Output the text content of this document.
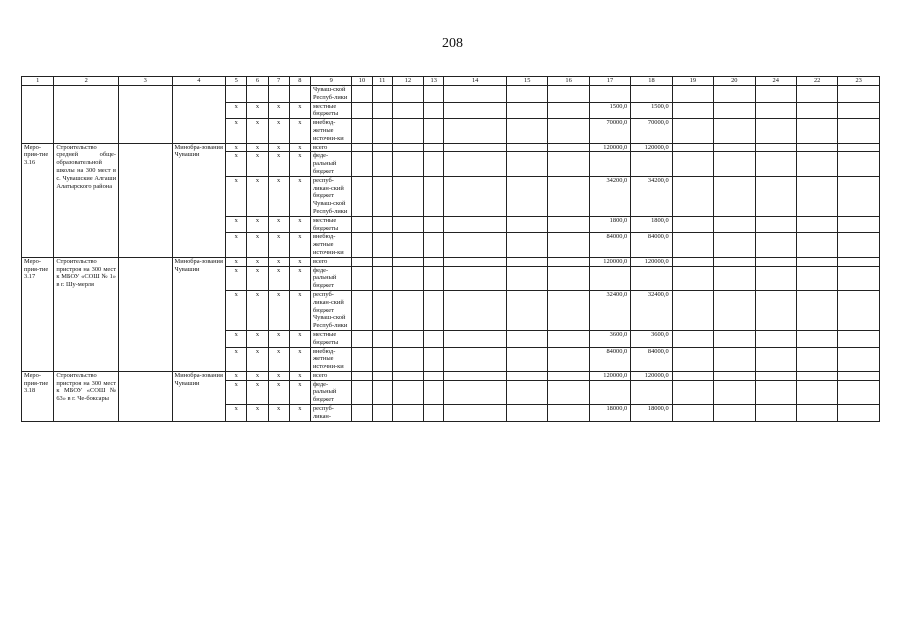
208
1	2	3	4	5	6	7	8	9	10	11	12	13	14	15	16	17	18	19	20	24	22	23
								Чуваш-ской Респуб-лики														
				x	x	x	x	местные бюджеты								1500,0	1500,0					
				x	x	x	x	внебюд-жетные источни-ки								70000,0	70000,0					
Меро-прия-тие 3.16	Строительство средней обще-образовательной школы на 300 мест в с. Чувашские Алгаши Алатырского района		Минобра-зования Чувашии	x	x	x	x	всего								120000,0	120000,0					
				x	x	x	x	феде-ральный бюджет														
				x	x	x	x	респуб-ликан-ский бюджет Чуваш-ской Респуб-лики								34200,0	34200,0					
				x	x	x	x	местные бюджеты								1800,0	1800,0					
				x	x	x	x	внебюд-жетные источни-ки								84000,0	84000,0					
Меро-прия-тие 3.17	Строительство пристроя на 300 мест к МБОУ «СОШ № 1» в г. Шу-мерля		Минобра-зования Чувашии	x	x	x	x	всего								120000,0	120000,0					
				x	x	x	x	феде-ральный бюджет														
				x	x	x	x	респуб-ликан-ский бюджет Чуваш-ской Респуб-лики								32400,0	32400,0					
				x	x	x	x	местные бюджеты								3600,0	3600,0					
				x	x	x	x	внебюд-жетные источни-ки								84000,0	84000,0					
Меро-прия-тие 3.18	Строительство пристроя на 300 мест к МБОУ «СОШ № 63» в г. Че-боксары		Минобра-зования Чувашии	x	x	x	x	всего								120000,0	120000,0					
				x	x	x	x	феде-ральный бюджет														
				x	x	x	x	респуб-ликан-								18000,0	18000,0					
